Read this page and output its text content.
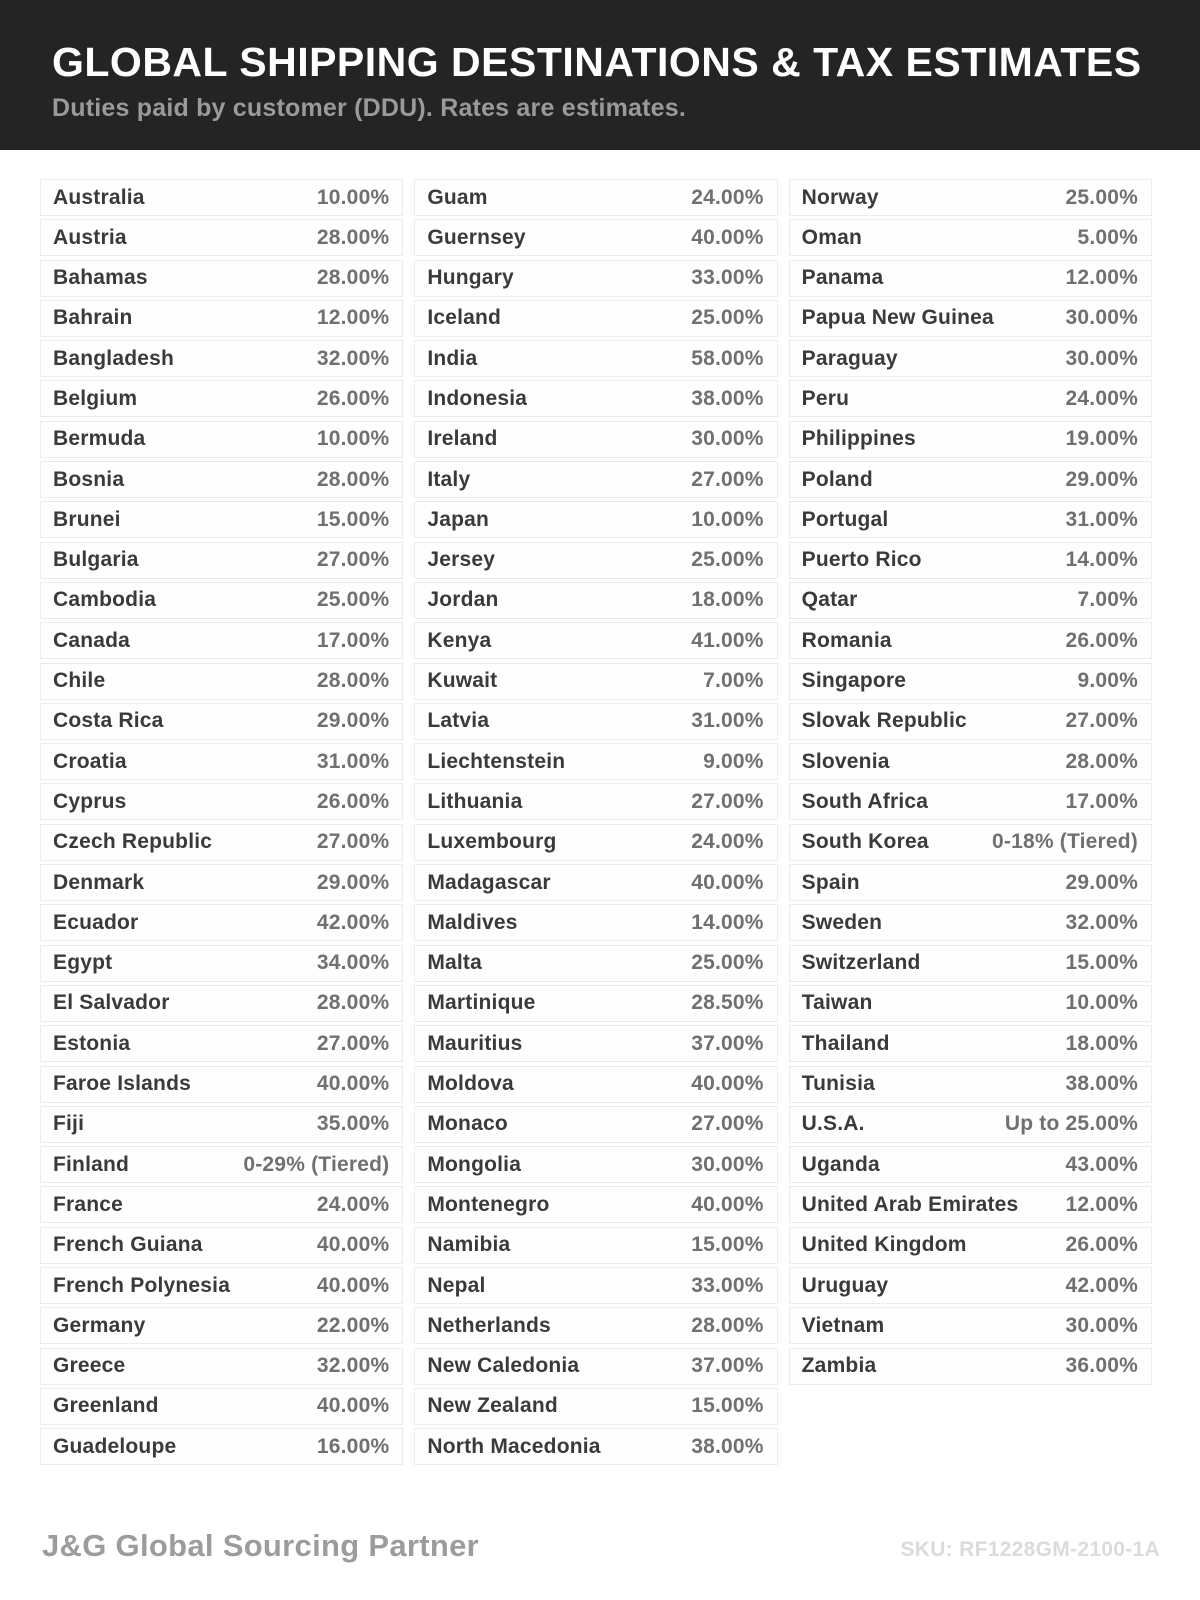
GLOBAL SHIPPING DESTINATIONS & TAX ESTIMATES
Duties paid by customer (DDU). Rates are estimates.
Australia	10.00%
Austria	28.00%
Bahamas	28.00%
Bahrain	12.00%
Bangladesh	32.00%
Belgium	26.00%
Bermuda	10.00%
Bosnia	28.00%
Brunei	15.00%
Bulgaria	27.00%
Cambodia	25.00%
Canada	17.00%
Chile	28.00%
Costa Rica	29.00%
Croatia	31.00%
Cyprus	26.00%
Czech Republic	27.00%
Denmark	29.00%
Ecuador	42.00%
Egypt	34.00%
El Salvador	28.00%
Estonia	27.00%
Faroe Islands	40.00%
Fiji	35.00%
Finland	0-29% (Tiered)
France	24.00%
French Guiana	40.00%
French Polynesia	40.00%
Germany	22.00%
Greece	32.00%
Greenland	40.00%
Guadeloupe	16.00%
Guam	24.00%
Guernsey	40.00%
Hungary	33.00%
Iceland	25.00%
India	58.00%
Indonesia	38.00%
Ireland	30.00%
Italy	27.00%
Japan	10.00%
Jersey	25.00%
Jordan	18.00%
Kenya	41.00%
Kuwait	7.00%
Latvia	31.00%
Liechtenstein	9.00%
Lithuania	27.00%
Luxembourg	24.00%
Madagascar	40.00%
Maldives	14.00%
Malta	25.00%
Martinique	28.50%
Mauritius	37.00%
Moldova	40.00%
Monaco	27.00%
Mongolia	30.00%
Montenegro	40.00%
Namibia	15.00%
Nepal	33.00%
Netherlands	28.00%
New Caledonia	37.00%
New Zealand	15.00%
North Macedonia	38.00%
Norway	25.00%
Oman	5.00%
Panama	12.00%
Papua New Guinea	30.00%
Paraguay	30.00%
Peru	24.00%
Philippines	19.00%
Poland	29.00%
Portugal	31.00%
Puerto Rico	14.00%
Qatar	7.00%
Romania	26.00%
Singapore	9.00%
Slovak Republic	27.00%
Slovenia	28.00%
South Africa	17.00%
South Korea	0-18% (Tiered)
Spain	29.00%
Sweden	32.00%
Switzerland	15.00%
Taiwan	10.00%
Thailand	18.00%
Tunisia	38.00%
U.S.A.	Up to 25.00%
Uganda	43.00%
United Arab Emirates 12.00%
United Kingdom	26.00%
Uruguay	42.00%
Vietnam	30.00%
Zambia	36.00%
J&G Global Sourcing Partner	SKU: RF1228GM-2100-1A
